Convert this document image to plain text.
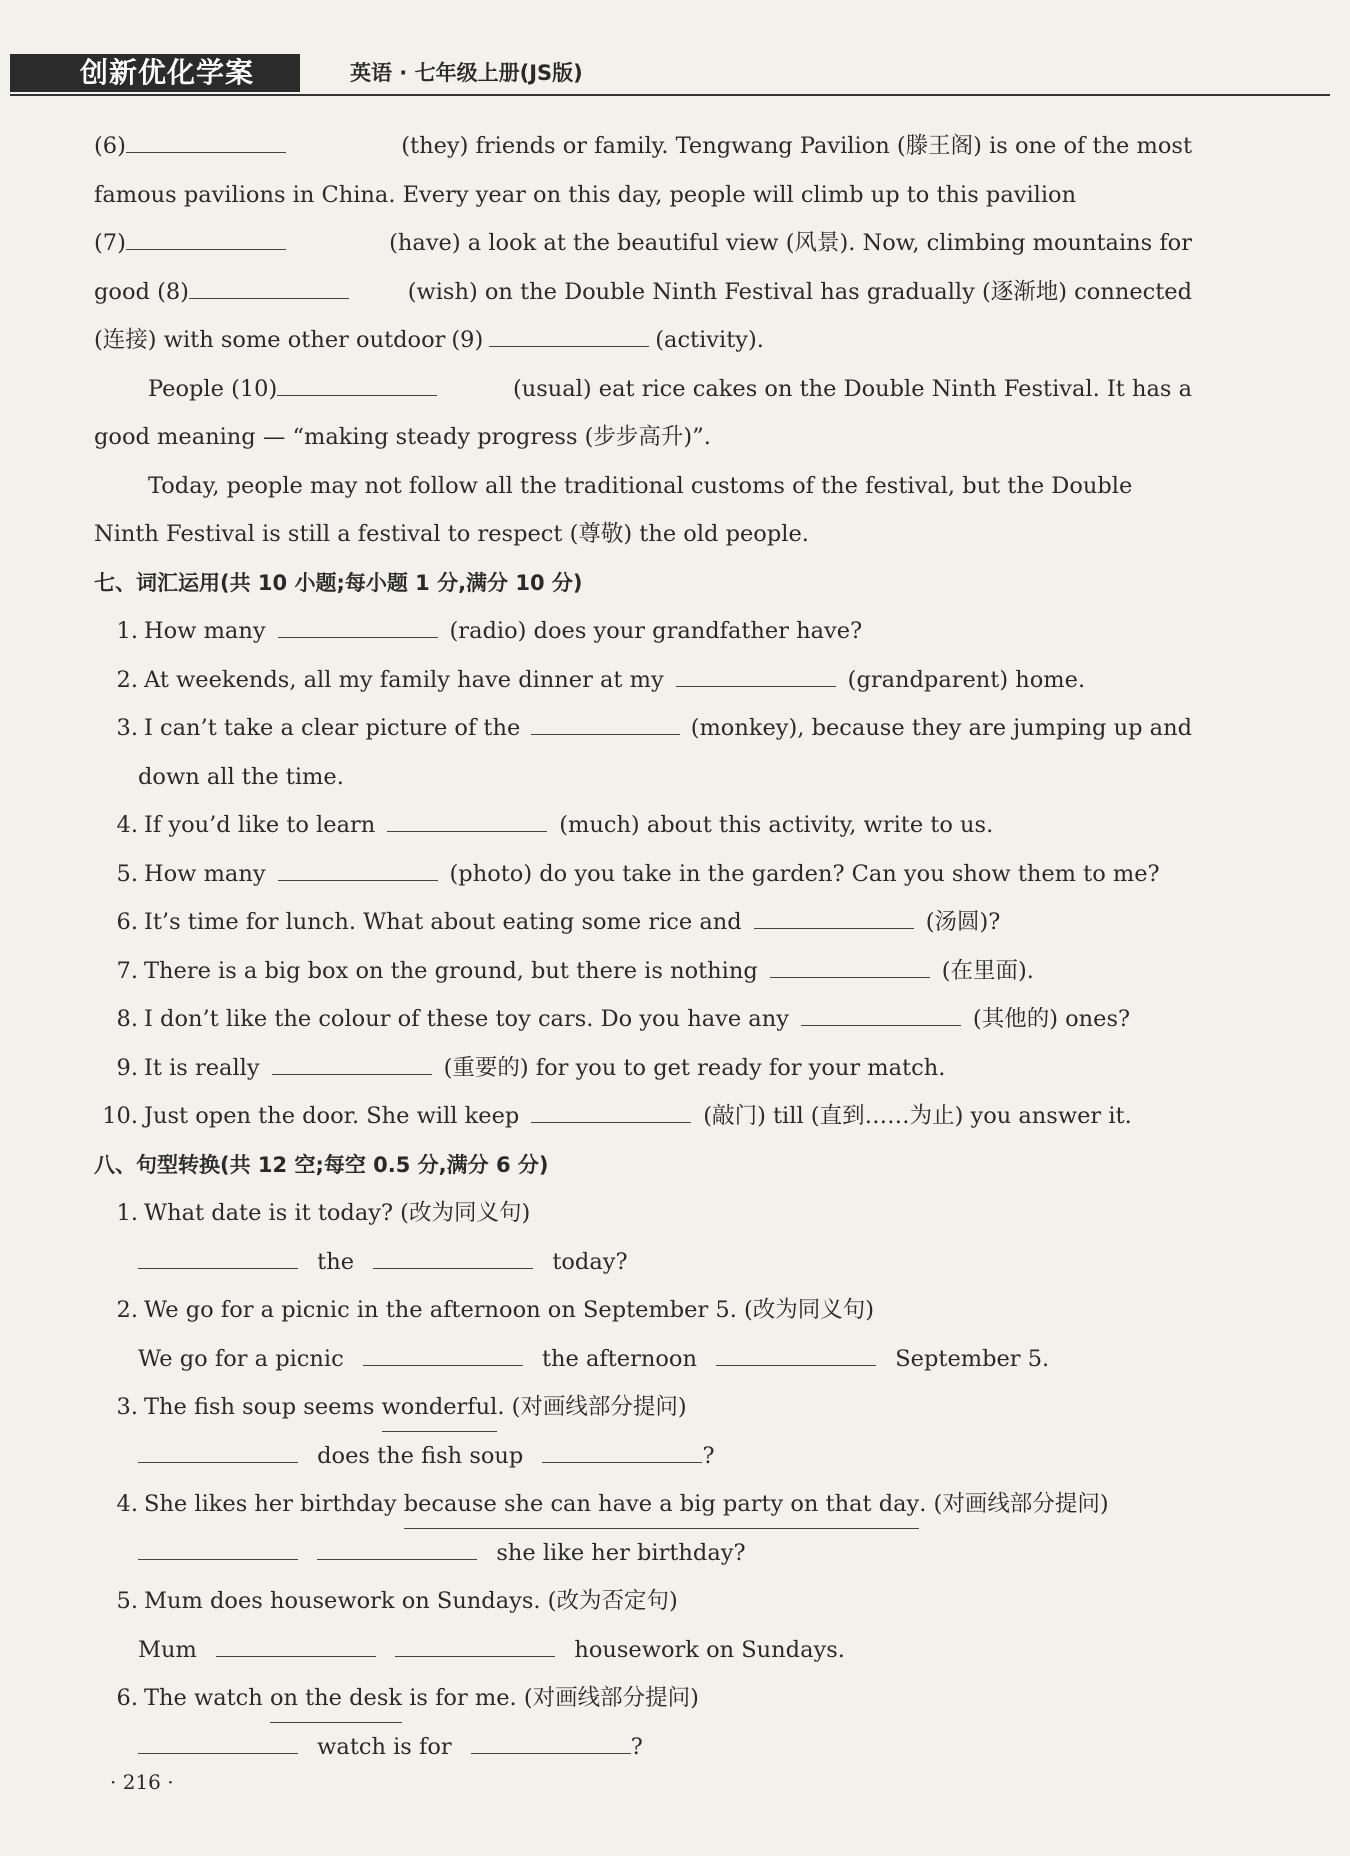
创新优化学案	英语 · 七年级上册(JS版)
(6)	(they) friends or family. Tengwang Pavilion (滕王阁) is one of the most
famous pavilions in China. Every year on this day, people will climb up to this pavilion
(7)	(have) a look at the beautiful view (风景). Now, climbing mountains for
good (8)	(wish) on the Double Ninth Festival has gradually (逐渐地) connected
(连接) with some other outdoor (9)	(activity).
People (10)	(usual) eat rice cakes on the Double Ninth Festival. It has a
good meaning — “making steady progress (步步高升)”.
Today, people may not follow all the traditional customs of the festival, but the Double
Ninth Festival is still a festival to respect (尊敬) the old people.
七、词汇运用(共 10 小题;每小题 1 分,满分 10 分)
1. How many	(radio) does your grandfather have?
2. At weekends, all my family have dinner at my	(grandparent) home.
3. I can’t take a clear picture of the	(monkey), because they are jumping up and
down all the time.
4. If you’d like to learn	(much) about this activity, write to us.
5. How many	(photo) do you take in the garden? Can you show them to me?
6. It’s time for lunch. What about eating some rice and	(汤圆)?
7. There is a big box on the ground, but there is nothing	(在里面).
8. I don’t like the colour of these toy cars. Do you have any	(其他的) ones?
9. It is really	(重要的) for you to get ready for your match.
10. Just open the door. She will keep	(敲门) till (直到……为止) you answer it.
八、句型转换(共 12 空;每空 0.5 分,满分 6 分)
1. What date is it today? (改为同义句)
the	today?
2. We go for a picnic in the afternoon on September 5. (改为同义句)
We go for a picnic	the afternoon	September 5.
3. The fish soup seems
wonderful . (对画线部分提问)
does the fish soup	?
4. She likes her birthday
because she can have a big party on that day . (对画线部分提问)
she like her birthday?
5. Mum does housework on Sundays. (改为否定句)
Mum	housework on Sundays.
6. The watch
on the desk
is for me. (对画线部分提问)
watch is for	?
· 216 ·
